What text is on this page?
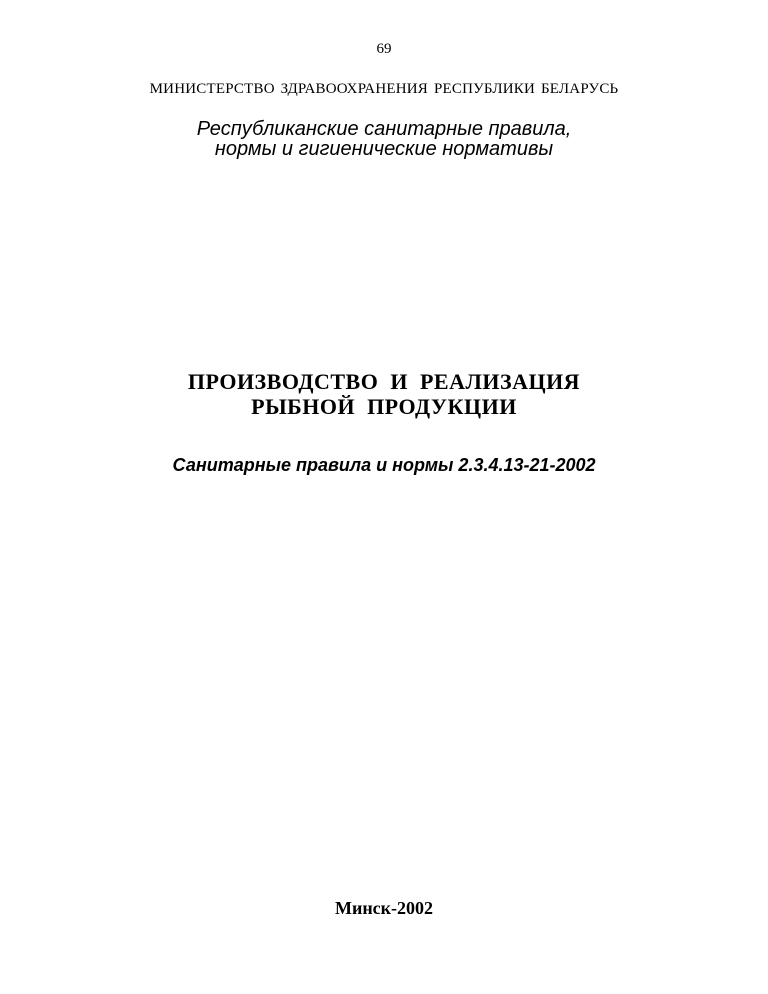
69
МИНИСТЕРСТВО ЗДРАВООХРАНЕНИЯ РЕСПУБЛИКИ БЕЛАРУСЬ
Республиканские санитарные правила,
нормы и гигиенические нормативы
ПРОИЗВОДСТВО И РЕАЛИЗАЦИЯ
РЫБНОЙ ПРОДУКЦИИ
Санитарные правила и нормы 2.3.4.13-21-2002
Минск-2002
